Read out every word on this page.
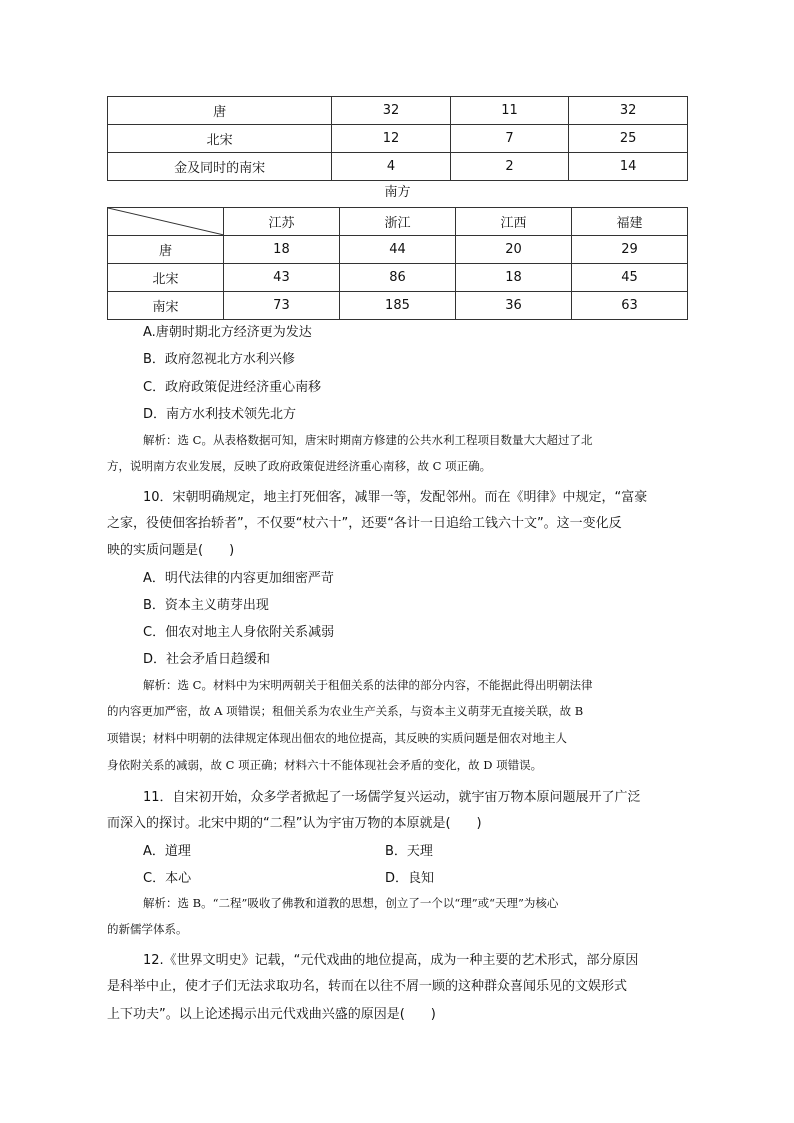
唐	32	11	32
北宋	12	7	25
金及同时的南宋	4	2	14
南方
	江苏	浙江	江西	福建
唐	18	44	20	29
北宋	43	86	18	45
南宋	73	185	36	63
A.唐朝时期北方经济更为发达
B．政府忽视北方水利兴修
C．政府政策促进经济重心南移
D．南方水利技术领先北方
解析：选 C。从表格数据可知，唐宋时期南方修建的公共水利工程项目数量大大超过了北
方，说明南方农业发展，反映了政府政策促进经济重心南移，故 C 项正确。
10．宋朝明确规定，地主打死佃客，减罪一等，发配邻州。而在《明律》中规定，“富豪
之家，役使佃客抬轿者”，不仅要“杖六十”，还要“各计一日追给工钱六十文”。这一变化反
映的实质问题是(　　)
A．明代法律的内容更加细密严苛
B．资本主义萌芽出现
C．佃农对地主人身依附关系减弱
D．社会矛盾日趋缓和
解析：选 C。材料中为宋明两朝关于租佃关系的法律的部分内容，不能据此得出明朝法律
的内容更加严密，故 A 项错误；租佃关系为农业生产关系，与资本主义萌芽无直接关联，故 B
项错误；材料中明朝的法律规定体现出佃农的地位提高，其反映的实质问题是佃农对地主人
身依附关系的减弱，故 C 项正确；材料六十不能体现社会矛盾的变化，故 D 项错误。
11．自宋初开始，众多学者掀起了一场儒学复兴运动，就宇宙万物本原问题展开了广泛
而深入的探讨。北宋中期的“二程”认为宇宙万物的本原就是(　　)
A．道理	B．天理
C．本心	D．良知
解析：选 B。“二程”吸收了佛教和道教的思想，创立了一个以“理”或“天理”为核心
的新儒学体系。
12.《世界文明史》记载，“元代戏曲的地位提高，成为一种主要的艺术形式，部分原因
是科举中止，使才子们无法求取功名，转而在以往不屑一顾的这种群众喜闻乐见的文娱形式
上下功夫”。以上论述揭示出元代戏曲兴盛的原因是(　　)
